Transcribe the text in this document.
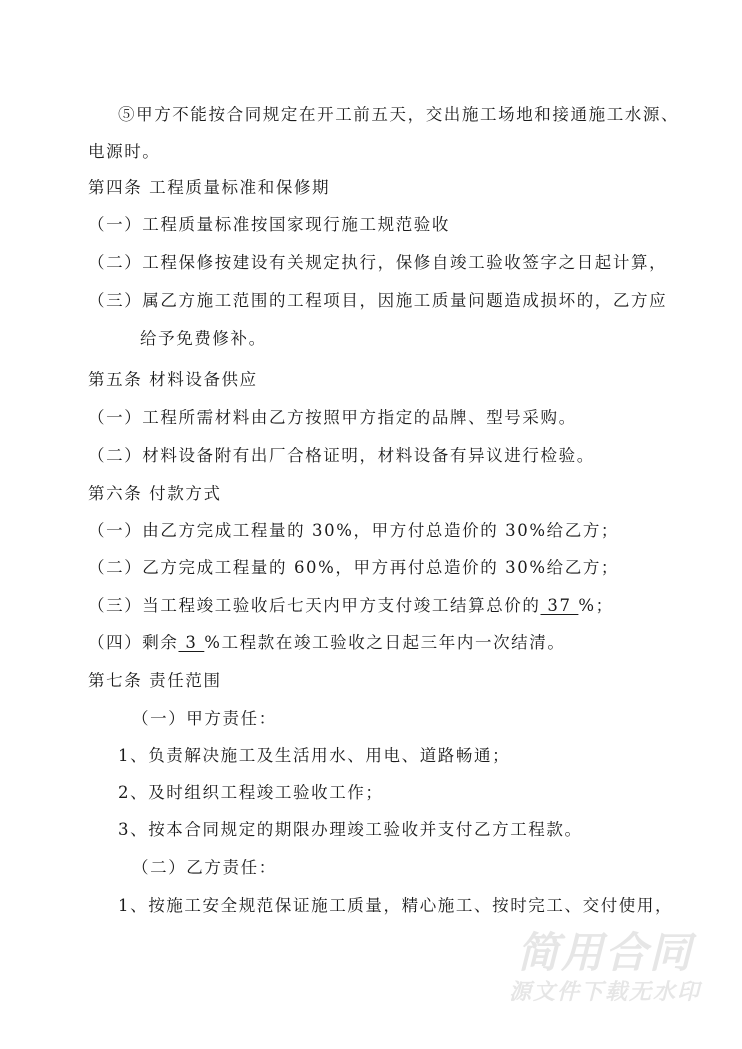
⑤甲方不能按合同规定在开工前五天，交出施工场地和接通施工水源、
电源时。
第四条 工程质量标准和保修期
（一）工程质量标准按国家现行施工规范验收
（二）工程保修按建设有关规定执行，保修自竣工验收签字之日起计算，
（三）属乙方施工范围的工程项目，因施工质量问题造成损坏的，乙方应
给予免费修补。
第五条 材料设备供应
（一）工程所需材料由乙方按照甲方指定的品牌、型号采购。
（二）材料设备附有出厂合格证明，材料设备有异议进行检验。
第六条 付款方式
（一）由乙方完成工程量的 30%，甲方付总造价的 30%给乙方；
（二）乙方完成工程量的 60%，甲方再付总造价的 30%给乙方；
（三）当工程竣工验收后七天内甲方支付竣工结算总价的 37 %；
（四）剩余 3 %工程款在竣工验收之日起三年内一次结清。
第七条 责任范围
（一）甲方责任：
1、负责解决施工及生活用水、用电、道路畅通；
2、及时组织工程竣工验收工作；
3、按本合同规定的期限办理竣工验收并支付乙方工程款。
（二）乙方责任：
1、按施工安全规范保证施工质量，精心施工、按时完工、交付使用，
简用合同
源文件下载无水印
